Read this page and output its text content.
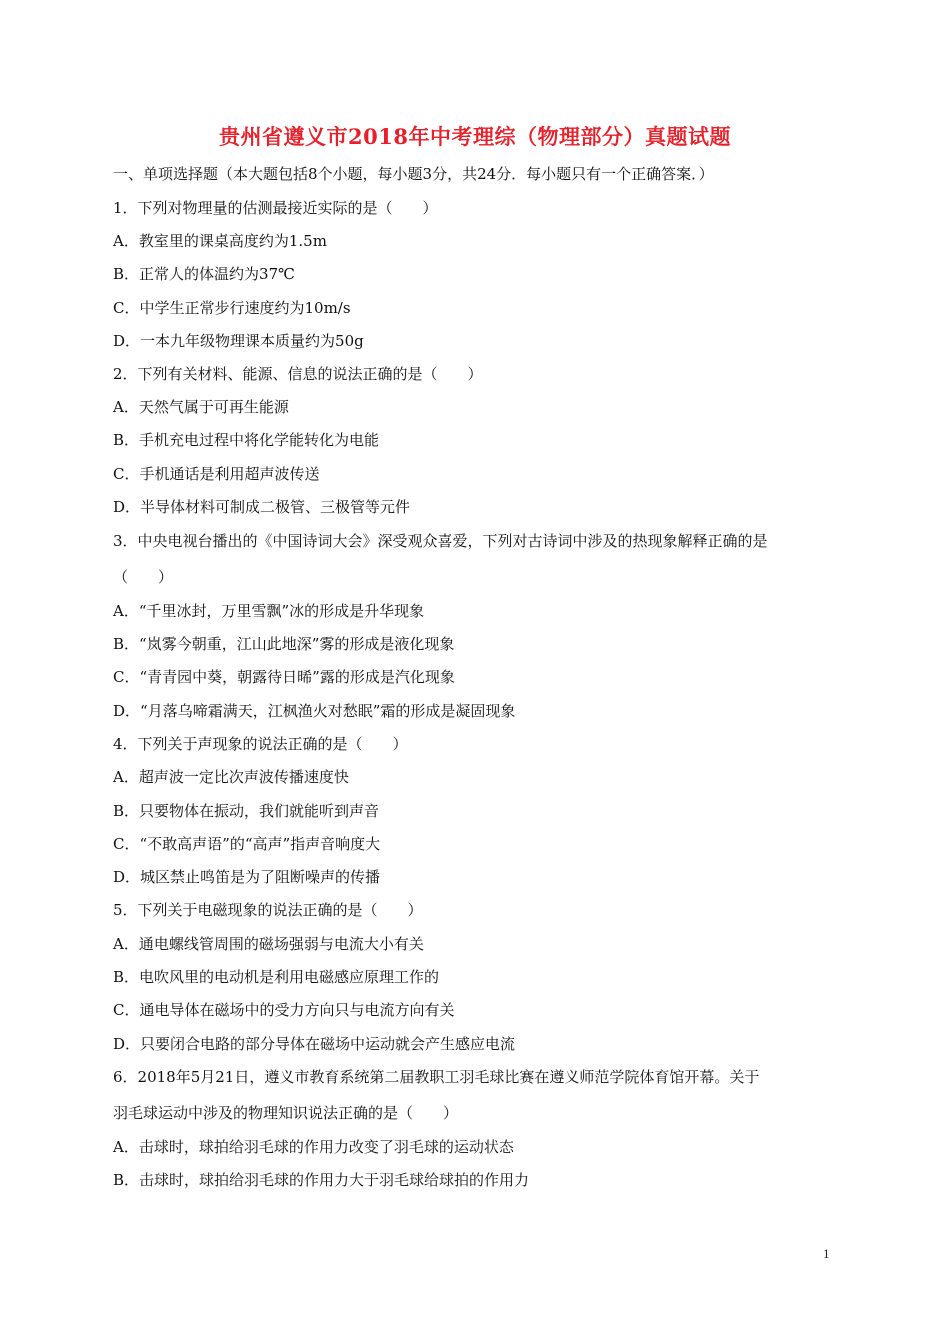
贵州省遵义市2018年中考理综（物理部分）真题试题
一、单项选择题（本大题包括8个小题，每小题3分，共24分．每小题只有一个正确答案．）
1．下列对物理量的估测最接近实际的是（　　）
A．教室里的课桌高度约为1.5m
B．正常人的体温约为37℃
C．中学生正常步行速度约为10m/s
D．一本九年级物理课本质量约为50g
2．下列有关材料、能源、信息的说法正确的是（　　）
A．天然气属于可再生能源
B．手机充电过程中将化学能转化为电能
C．手机通话是利用超声波传送
D．半导体材料可制成二极管、三极管等元件
3．中央电视台播出的《中国诗词大会》深受观众喜爱，下列对古诗词中涉及的热现象解释正确的是
（　　）
A．“千里冰封，万里雪飘”冰的形成是升华现象
B．“岚雾今朝重，江山此地深”雾的形成是液化现象
C．“青青园中葵，朝露待日晞”露的形成是汽化现象
D．“月落乌啼霜满天，江枫渔火对愁眠”霜的形成是凝固现象
4．下列关于声现象的说法正确的是（　　）
A．超声波一定比次声波传播速度快
B．只要物体在振动，我们就能听到声音
C．“不敢高声语”的“高声”指声音响度大
D．城区禁止鸣笛是为了阻断噪声的传播
5．下列关于电磁现象的说法正确的是（　　）
A．通电螺线管周围的磁场强弱与电流大小有关
B．电吹风里的电动机是利用电磁感应原理工作的
C．通电导体在磁场中的受力方向只与电流方向有关
D．只要闭合电路的部分导体在磁场中运动就会产生感应电流
6．2018年5月21日，遵义市教育系统第二届教职工羽毛球比赛在遵义师范学院体育馆开幕。关于
羽毛球运动中涉及的物理知识说法正确的是（　　）
A．击球时，球拍给羽毛球的作用力改变了羽毛球的运动状态
B．击球时，球拍给羽毛球的作用力大于羽毛球给球拍的作用力
1
